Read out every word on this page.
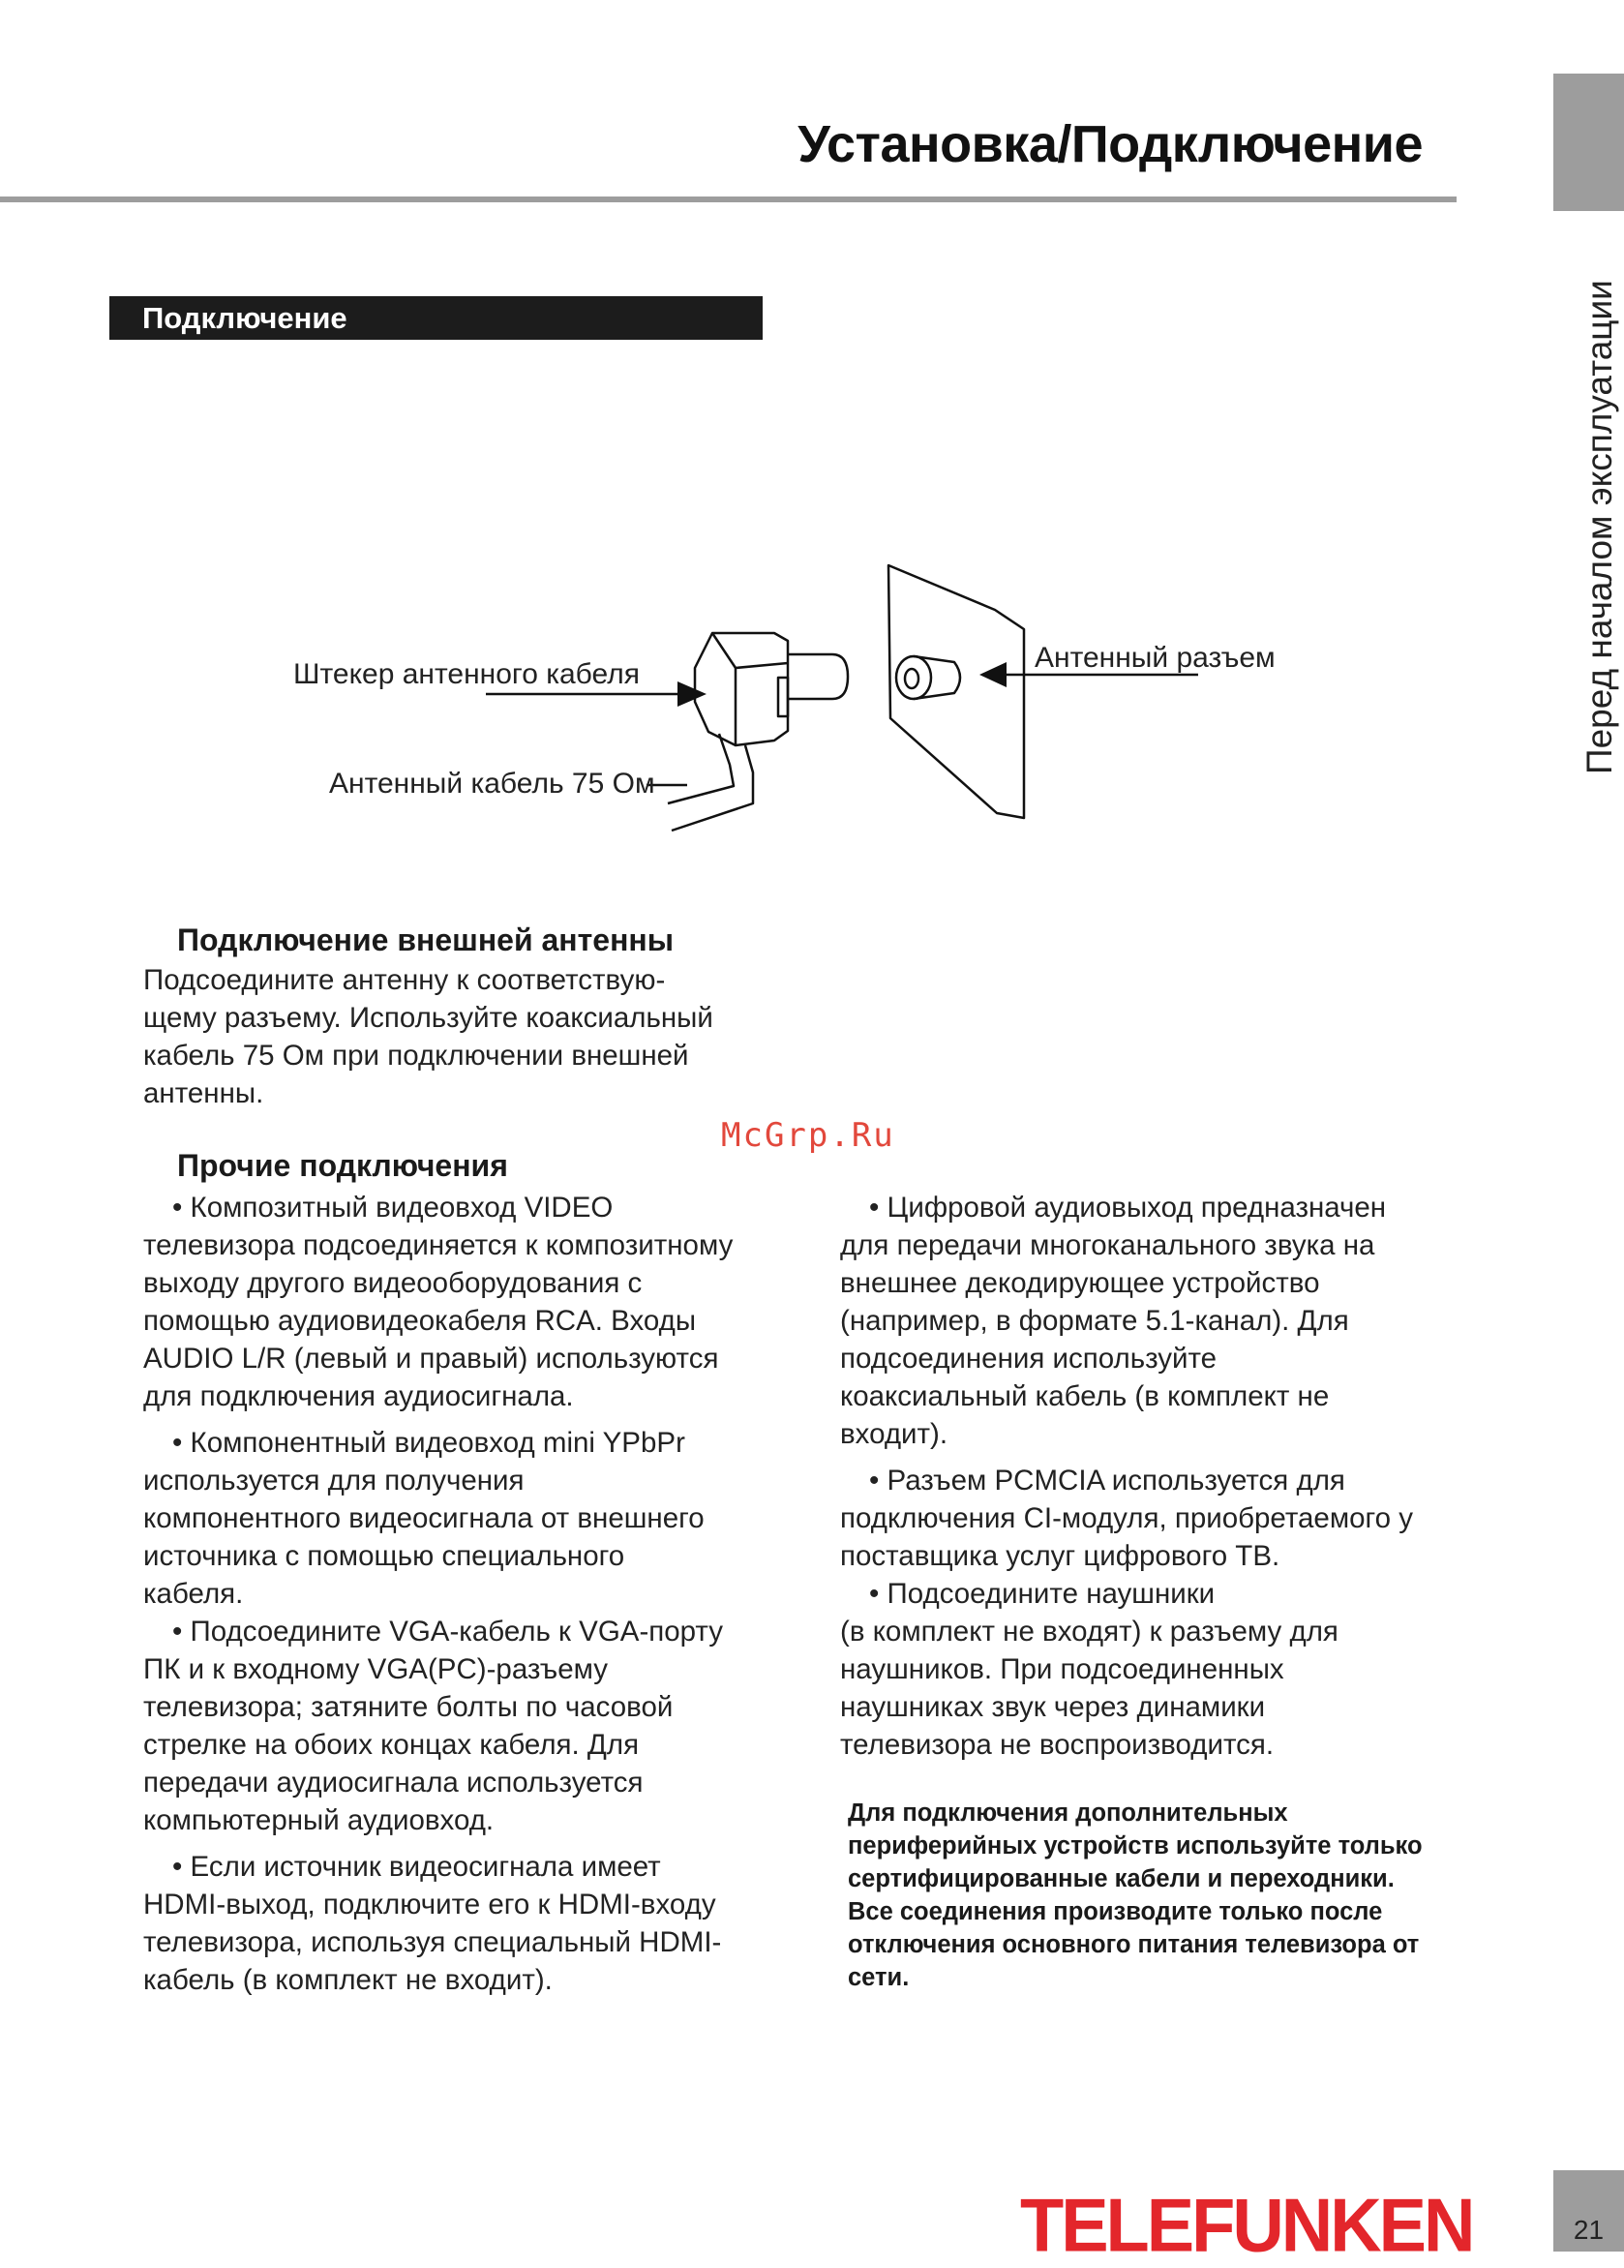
Установка/Подключение
Перед началом эксплуатации
Подключение
Штекер антенного кабеля
Антенный кабель 75 Ом
Антенный разъем
Подключение внешней антенны
Подсоедините антенну к соответствую-
щему разъему. Используйте коаксиальный
кабель 75 Ом при подключении внешней
антенны.
McGrp.Ru
Прочие подключения

• Композитный видеовход VIDEO

телевизора подсоединяется к композитному

выходу другого видеооборудования с

помощью аудиовидеокабеля RCA. Входы

AUDIO L/R (левый и правый) используются

для подключения аудиосигнала.

• Компонентный видеовход mini YPbPr

используется для получения

компонентного видеосигнала от внешнего

источника с помощью специального

кабеля.

• Подсоедините VGA-кабель к VGA-порту

ПК и к входному VGA(PC)-разъему

телевизора; затяните болты по часовой

стрелке на обоих концах кабеля. Для

передачи аудиосигнала используется

компьютерный аудиовход.

• Если источник видеосигнала имеет

HDMI-выход, подключите его к HDMI-входу

телевизора, используя специальный HDMI-

кабель (в комплект не входит).

• Цифровой аудиовыход предназначен

для передачи многоканального звука на

внешнее декодирующее устройство

(например, в формате 5.1-канал). Для

подсоединения используйте

коаксиальный кабель (в комплект не

входит).

• Разъем PCMCIA используется для

подключения CI-модуля, приобретаемого у

поставщика услуг цифрового ТВ.

• Подсоедините наушники

(в комплект не входят) к разъему для

наушников. При подсоединенных

наушниках звук через динамики

телевизора не воспроизводится.

Для подключения дополнительных
периферийных устройств используйте только
сертифицированные кабели и переходники.
Все соединения производите только после
отключения основного питания телевизора от
сети.
TELEFUNKEN	21
